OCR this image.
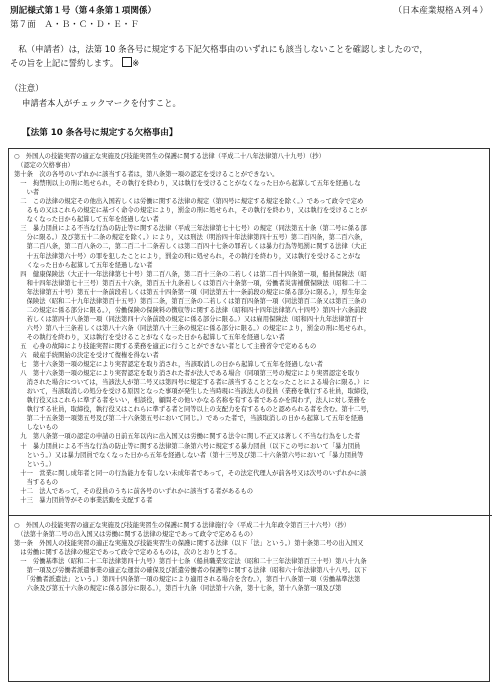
別記様式第１号（第４条第１項関係）	（日本産業規格Ａ列４）
第７面　Ａ・Ｂ・Ｃ・Ｄ・Ｅ・Ｆ
　私（申請者）は，法第 10 条各号に規定する下記欠格事由のいずれにも該当しないことを確認しましたので，
その旨を上記に誓約します。 ※
（注意）
申請者本人がチェックマークを付すこと。
【法第 10 条各号に規定する欠格事由】
○　外国人の技能実習の適正な実施及び技能実習生の保護に関する法律（平成二十八年法律第八十九号）（抄）
　（認定の欠格事由）
第十条　次の各号のいずれかに該当する者は，第八条第一項の認定を受けることができない。
　一　拘禁刑以上の刑に処せられ，その執行を終わり，又は執行を受けることがなくなった日から起算して五年を経過しな
　　い者
　二　この法律の規定その他出入国若しくは労働に関する法律の規定（第四号に規定する規定を除く。）であって政令で定め
　　るもの又はこれらの規定に基づく命令の規定により，罰金の刑に処せられ，その執行を終わり，又は執行を受けることが
　　なくなった日から起算して五年を経過しない者
　三　暴力団員による不当な行為の防止等に関する法律（平成三年法律第七十七号）の規定（同法第五十条（第二号に係る部
　　分に限る。）及び第五十二条の規定を除く。）により，又は刑法（明治四十年法律第四十五号）第二百四条，第二百六条，
　　第二百八条，第二百八条の二，第二百二十二条若しくは第二百四十七条の罪若しくは暴力行為等処罰に関する法律（大正
　　十五年法律第六十号）の罪を犯したことにより，罰金の刑に処せられ，その執行を終わり，又は執行を受けることがな
　　くなった日から起算して五年を経過しない者
　四　健康保険法（大正十一年法律第七十号）第二百八条，第二百十三条の二若しくは第二百十四条第一項，船員保険法（昭
　　和十四年法律第七十三号）第百五十六条，第百五十九条若しくは第百六十条第一項，労働者災害補償保険法（昭和二十二
　　年法律第五十号）第五十一条前段若しくは第五十四条第一項（同法第五十一条前段の規定に係る部分に限る。），厚生年金
　　保険法（昭和二十九年法律第百十五号）第百二条，第百三条の二若しくは第百四条第一項（同法第百二条又は第百三条の
　　二の規定に係る部分に限る。），労働保険の保険料の徴収等に関する法律（昭和四十四年法律第八十四号）第四十六条前段
　　若しくは第四十八条第一項（同法第四十六条前段の規定に係る部分に限る。）又は雇用保険法（昭和四十九年法律第百十
　　六号）第八十三条若しくは第八十六条（同法第八十三条の規定に係る部分に限る。）の規定により，罰金の刑に処せられ，
　　その執行を終わり，又は執行を受けることがなくなった日から起算して五年を経過しない者
　五　心身の故障により技能実習に関する業務を適正に行うことができない者として主務省令で定めるもの
　六　破産手続開始の決定を受けて復権を得ない者
　七　第十六条第一項の規定により実習認定を取り消され，当該取消しの日から起算して五年を経過しない者
　八　第十六条第一項の規定により実習認定を取り消された者が法人である場合（同項第三号の規定により実習認定を取り
　　消された場合については，当該法人が第二号又は第四号に規定する者に該当することとなったことによる場合に限る。）に
　　おいて，当該取消しの処分を受ける原因となった事項が発生した当時現に当該法人の役員（業務を執行する社員，取締役，
　　執行役又はこれらに準ずる者をいい，相談役，顧問その他いかなる名称を有する者であるかを問わず，法人に対し業務を
　　執行する社員，取締役，執行役又はこれらに準ずる者と同等以上の支配力を有するものと認められる者を含む。第十二号，
　　第二十五条第一項第五号及び第二十六条第五号において同じ。）であった者で，当該取消しの日から起算して五年を経過
　　しないもの
　九　第八条第一項の認定の申請の日前五年以内に出入国又は労働に関する法令に関し不正又は著しく不当な行為をした者
　十　暴力団員による不当な行為の防止等に関する法律第二条第六号に規定する暴力団員（以下この号において「暴力団員
　　という。）又は暴力団員でなくなった日から五年を経過しない者（第十三号及び第二十六条第六号において「暴力団員等
　　という。）
　十一　営業に関し成年者と同一の行為能力を有しない未成年者であって，その法定代理人が前各号又は次号のいずれかに該
　　当するもの
　十二　法人であって，その役員のうちに前各号のいずれかに該当する者があるもの
　十三　暴力団員等がその事業活動を支配する者
○　外国人の技能実習の適正な実施及び技能実習生の保護に関する法律施行令（平成二十九年政令第百三十六号）（抄）
　（法第十条第二号の出入国又は労働に関する法律の規定であって政令で定めるもの）
第一条　外国人の技能実習の適正な実施及び技能実習生の保護に関する法律（以下「法」という。）第十条第二号の出入国又
　は労働に関する法律の規定であって政令で定めるものは，次のとおりとする。
　一　労働基準法（昭和二十二年法律第四十九号）第百十七条（船員職業安定法（昭和二十三年法律第百三十号）第八十九条
　　第一項及び労働者派遣事業の適正な運営の確保及び派遣労働者の保護等に関する法律（昭和六十年法律第八十八号。以下
　　「労働者派遣法」という。）第四十四条第一項の規定により適用される場合を含む。），第百十八条第一項（労働基準法第
　　六条及び第五十六条の規定に係る部分に限る。），第百十九条（同法第十六条，第十七条，第十八条第一項及び第
